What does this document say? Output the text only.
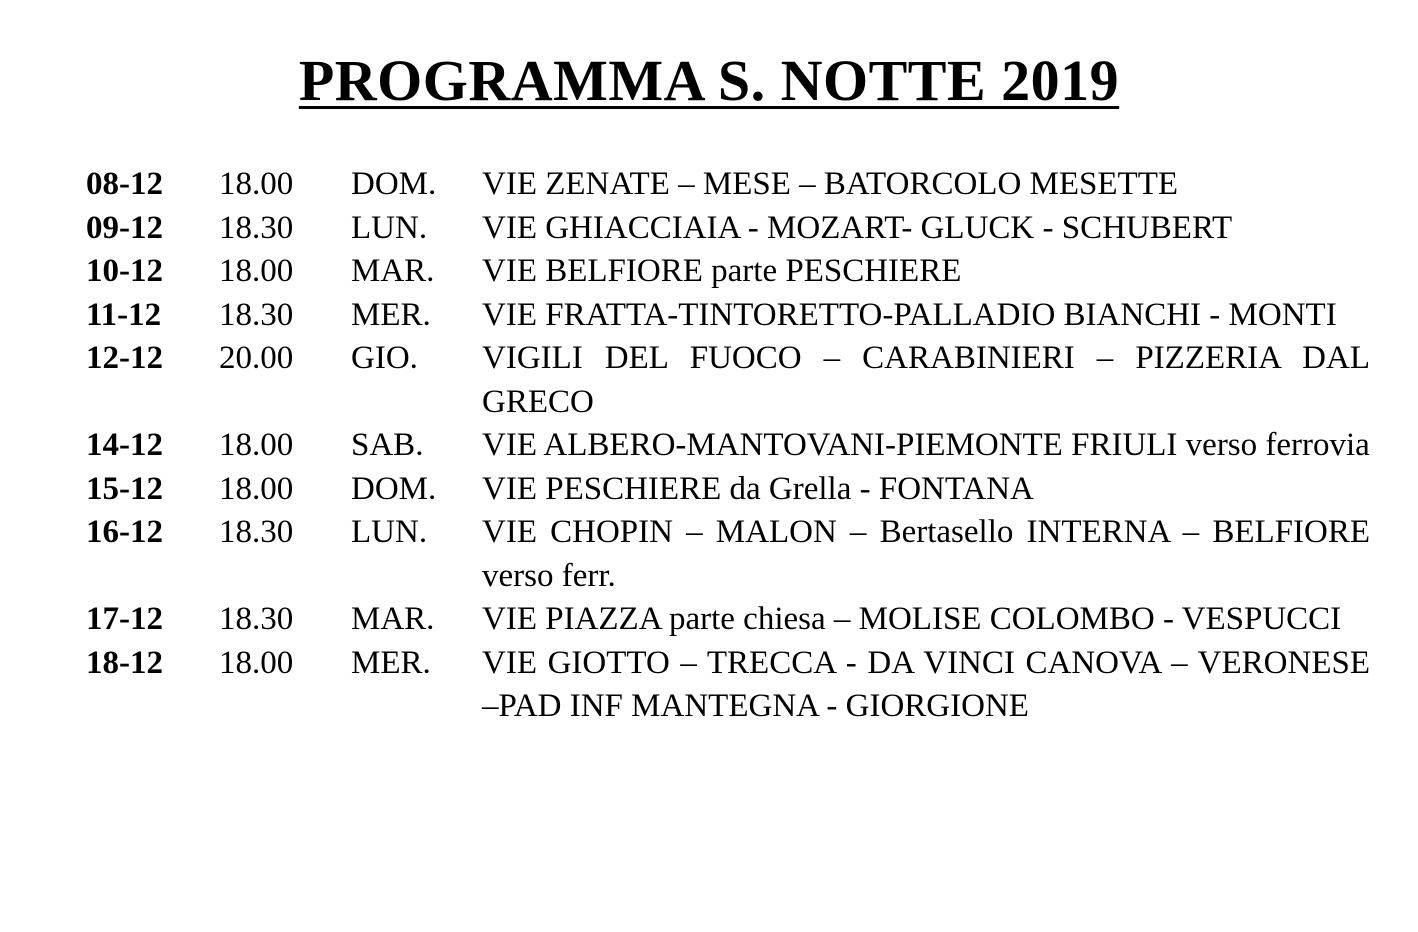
PROGRAMMA S. NOTTE 2019
08-12	18.00	DOM.	VIE ZENATE – MESE – BATORCOLO MESETTE
09-12	18.30	LUN.	VIE GHIACCIAIA - MOZART- GLUCK - SCHUBERT
10-12	18.00	MAR.	VIE BELFIORE parte PESCHIERE
11-12	18.30	MER.	VIE FRATTA-TINTORETTO-PALLADIO BIANCHI - MONTI
12-12	20.00	GIO.	VIGILI DEL FUOCO – CARABINIERI – PIZZERIA DAL GRECO
14-12	18.00	SAB.	VIE ALBERO-MANTOVANI-PIEMONTE FRIULI verso ferrovia
15-12	18.00	DOM.	VIE PESCHIERE da Grella - FONTANA
16-12	18.30	LUN.	VIE CHOPIN – MALON – Bertasello INTERNA – BELFIORE verso ferr.
17-12	18.30	MAR.	VIE PIAZZA parte chiesa – MOLISE COLOMBO - VESPUCCI
18-12	18.00	MER.	VIE GIOTTO – TRECCA - DA VINCI CANOVA – VERONESE –PAD INF MANTEGNA - GIORGIONE
